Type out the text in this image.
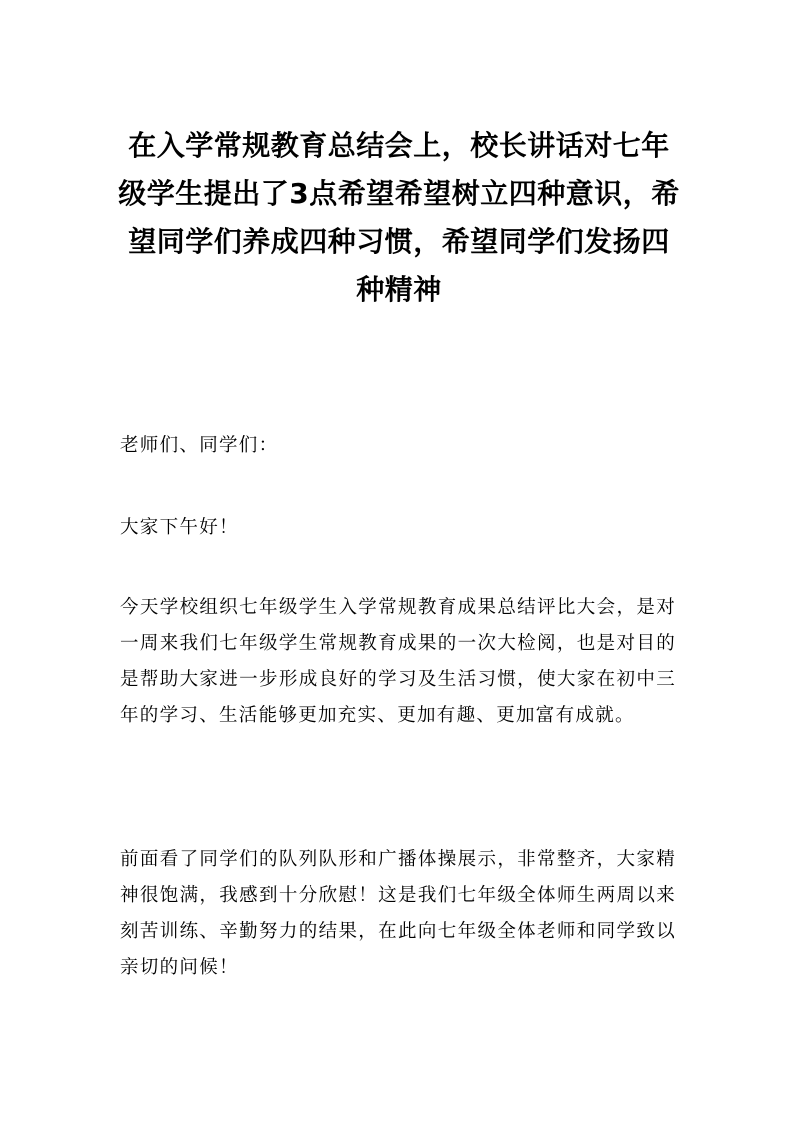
在入学常规教育总结会上，校长讲话对七年级学生提出了3点希望希望树立四种意识，希望同学们养成四种习惯，希望同学们发扬四种精神

老师们、同学们：

大家下午好！

今天学校组织七年级学生入学常规教育成果总结评比大会，是对一周来我们七年级学生常规教育成果的一次大检阅，也是对目的是帮助大家进一步形成良好的学习及生活习惯，使大家在初中三年的学习、生活能够更加充实、更加有趣、更加富有成就。

前面看了同学们的队列队形和广播体操展示，非常整齐，大家精神很饱满，我感到十分欣慰！这是我们七年级全体师生两周以来刻苦训练、辛勤努力的结果，在此向七年级全体老师和同学致以亲切的问候！
